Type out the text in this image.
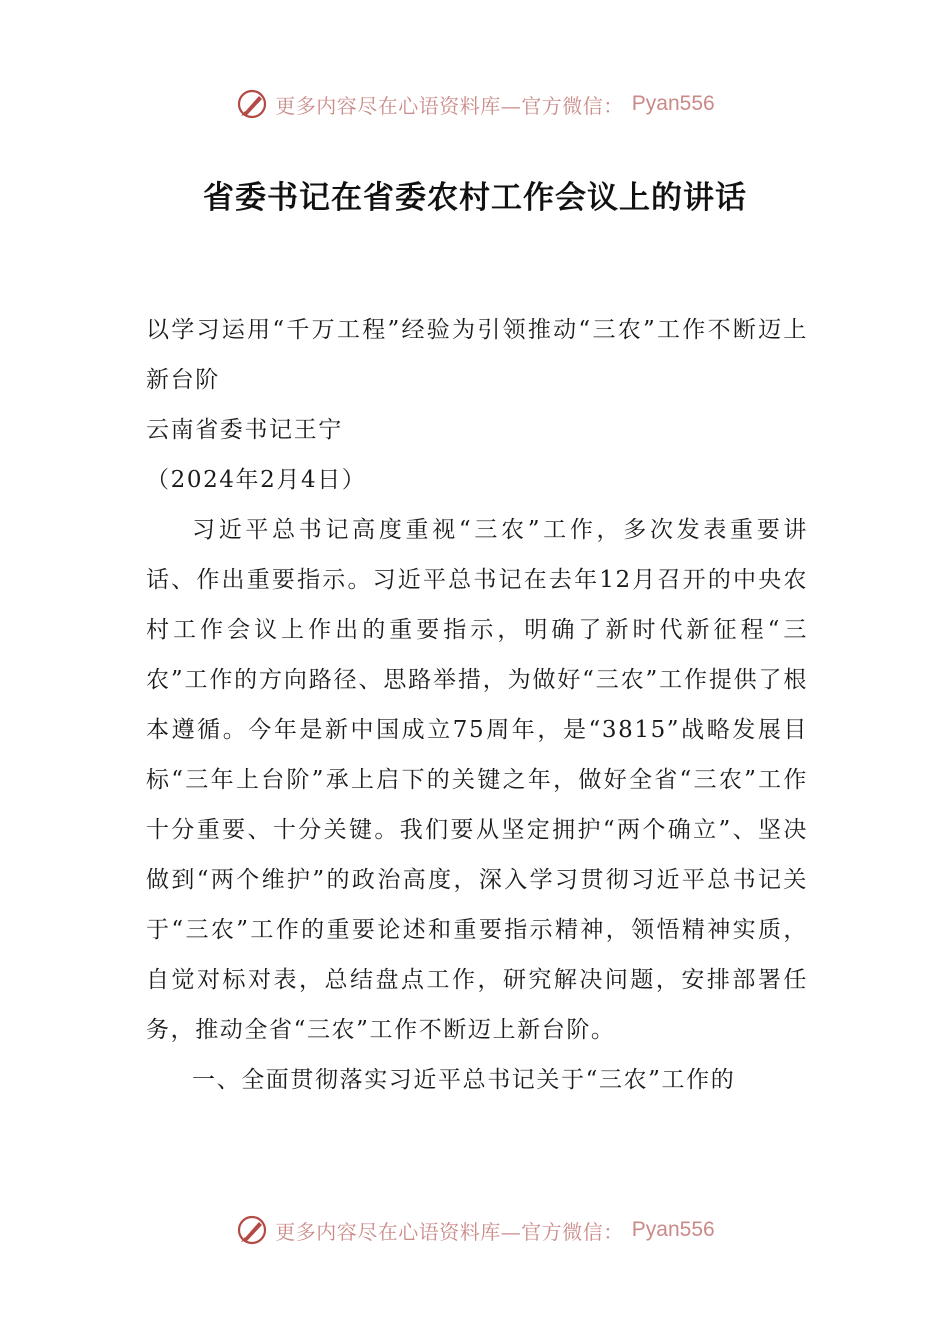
更多内容尽在心语资料库—官方微信： Pyan556
省委书记在省委农村工作会议上的讲话

以学习运用“千万工程”经验为引领推动“三农”工作不断迈上新台阶

云南省委书记王宁

（2024年2月4日）

习近平总书记高度重视“三农”工作，多次发表重要讲话、作出重要指示。习近平总书记在去年12月召开的中央农村工作会议上作出的重要指示，明确了新时代新征程“三农”工作的方向路径、思路举措，为做好“三农”工作提供了根本遵循。今年是新中国成立75周年，是“3815”战略发展目标“三年上台阶”承上启下的关键之年，做好全省“三农”工作十分重要、十分关键。我们要从坚定拥护“两个确立”、坚决做到“两个维护”的政治高度，深入学习贯彻习近平总书记关于“三农”工作的重要论述和重要指示精神，领悟精神实质，自觉对标对表，总结盘点工作，研究解决问题，安排部署任务，推动全省“三农”工作不断迈上新台阶。

一、全面贯彻落实习近平总书记关于“三农”工作的

更多内容尽在心语资料库—官方微信： Pyan556
